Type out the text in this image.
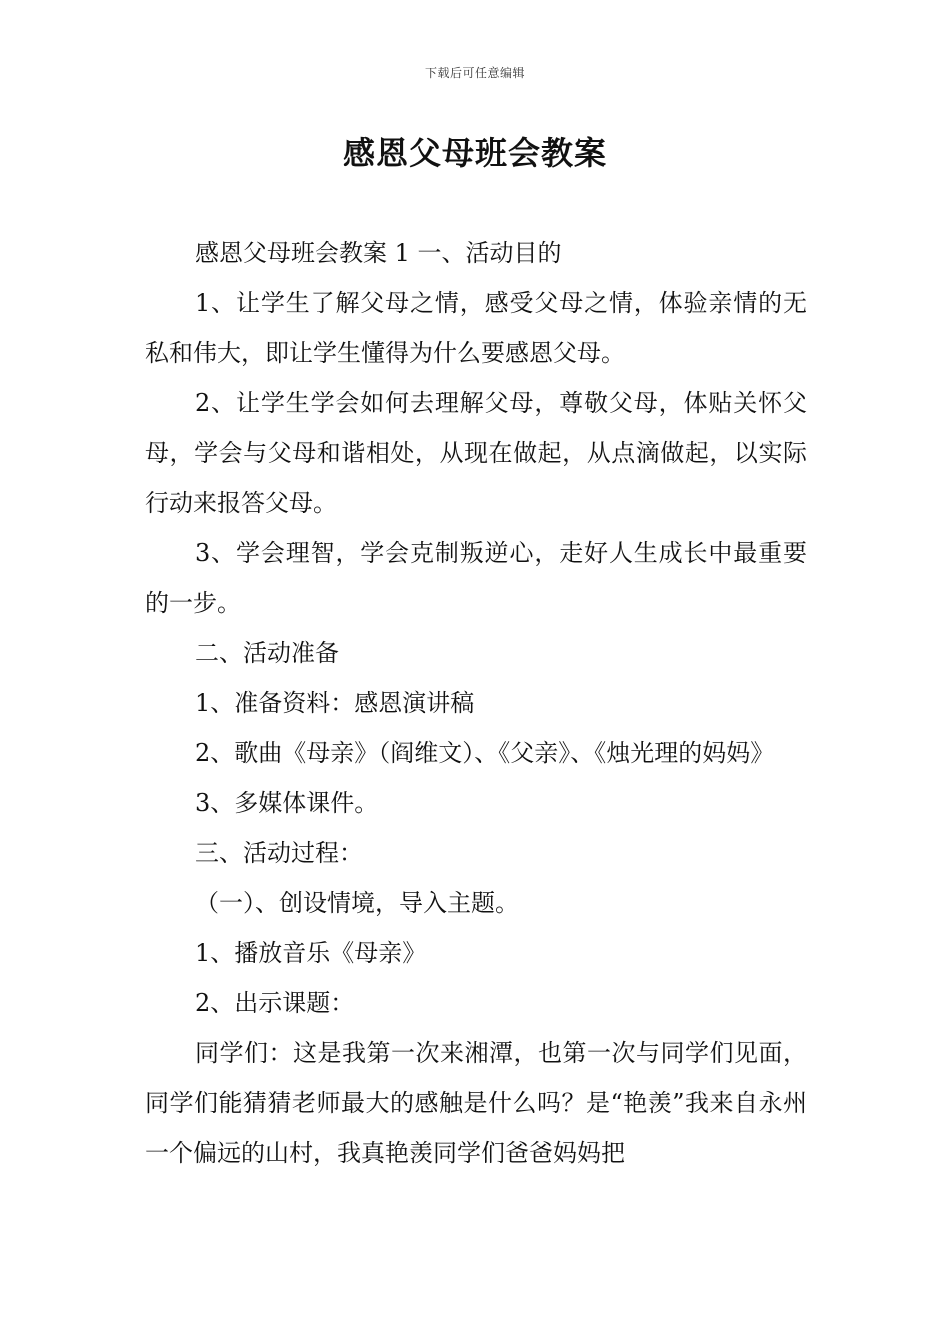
下载后可任意编辑
感恩父母班会教案

感恩父母班会教案 1 一、活动目的

1、让学生了解父母之情，感受父母之情，体验亲情的无私和伟大，即让学生懂得为什么要感恩父母。

2、让学生学会如何去理解父母，尊敬父母，体贴关怀父母，学会与父母和谐相处，从现在做起，从点滴做起，以实际行动来报答父母。

3、学会理智，学会克制叛逆心，走好人生成长中最重要的一步。

二、活动准备

1、准备资料：感恩演讲稿

2、歌曲《母亲》（阎维文）、《父亲》、《烛光理的妈妈》

3、多媒体课件。

三、活动过程：

（一）、创设情境，导入主题。

1、播放音乐《母亲》

2、出示课题：

同学们：这是我第一次来湘潭，也第一次与同学们见面，同学们能猜猜老师最大的感触是什么吗？是“艳羡”我来自永州一个偏远的山村，我真艳羡同学们爸爸妈妈把
